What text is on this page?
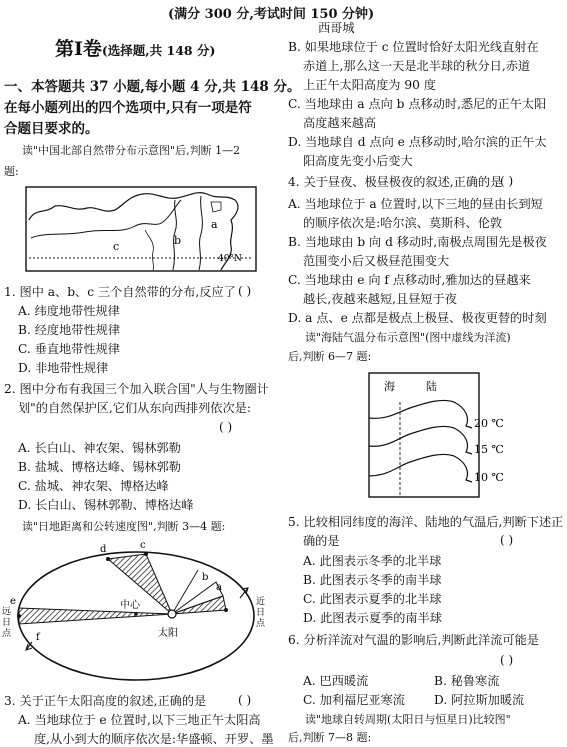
(满分 300 分,考试时间 150 分钟)
第Ⅰ卷(选择题,共 148 分)
一、本答题共 37 小题,每小题 4 分,共 148 分。
在每小题列出的四个选项中,只有一项是符
合题目要求的。
读"中国北部自然带分布示意图"后,判断 1—2
题:
a
b
c
40°N
1. 图中 a、b、c 三个自然带的分布,反应了 ( )
A. 纬度地带性规律
B. 经度地带性规律
C. 垂直地带性规律
D. 非地带性规律
2. 图中分布有我国三个加入联合国"人与生物圈计
划"的自然保护区,它们从东向西排列依次是:
( )
A. 长白山、神农架、锡林郭勒
B. 盐城、博格达峰、锡林郭勒
C. 盐城、神农架、博格达峰
D. 长白山、锡林郭勒、博格达峰
读"日地距离和公转速度图",判断 3—4 题:
d	c
b
e
f
a
中心
太阳
远
日
点
近
日
点
3. 关于正午太阳高度的叙述,正确的是	( )
A. 当地球位于 e 位置时,以下三地正午太阳高
度,从小到大的顺序依次是:华盛顿、开罗、墨
西哥城
B. 如果地球位于 c 位置时恰好太阳光线直射在
赤道上,那么这一天是北半球的秋分日,赤道
上正午太阳高度为 90 度
C. 当地球由 a 点向 b 点移动时,悉尼的正午太阳
高度越来越高
D. 当地球自 d 点向 e 点移动时,哈尔滨的正午太
阳高度先变小后变大
4. 关于昼夜、极昼极夜的叙述,正确的是
( )
A. 当地球位于 a 位置时,以下三地的昼由长到短
的顺序依次是:哈尔滨、莫斯科、伦敦
B. 当地球由 b 向 d 移动时,南极点周围先是极夜
范围变小后又极昼范围变大
C. 当地球由 e 向 f 点移动时,雅加达的昼越来
越长,夜越来越短,且昼短于夜
D. a 点、e 点都是极点上极昼、极夜更替的时刻
读"海陆气温分布示意图"(图中虚线为洋流)
后,判断 6—7 题:
海	陆
20 ℃
15 ℃
10 ℃
5. 比较相同纬度的海洋、陆地的气温后,判断下述正
确的是	( )
A. 此图表示冬季的北半球
B. 此图表示冬季的南半球
C. 此图表示夏季的北半球
D. 此图表示夏季的南半球
6. 分析洋流对气温的影响后,判断此洋流可能是
( )
A. 巴西暖流	B. 秘鲁寒流
C. 加利福尼亚寒流 D. 阿拉斯加暖流
读"地球自转周期(太阳日与恒星日)比较图"
后,判断 7—8 题:
